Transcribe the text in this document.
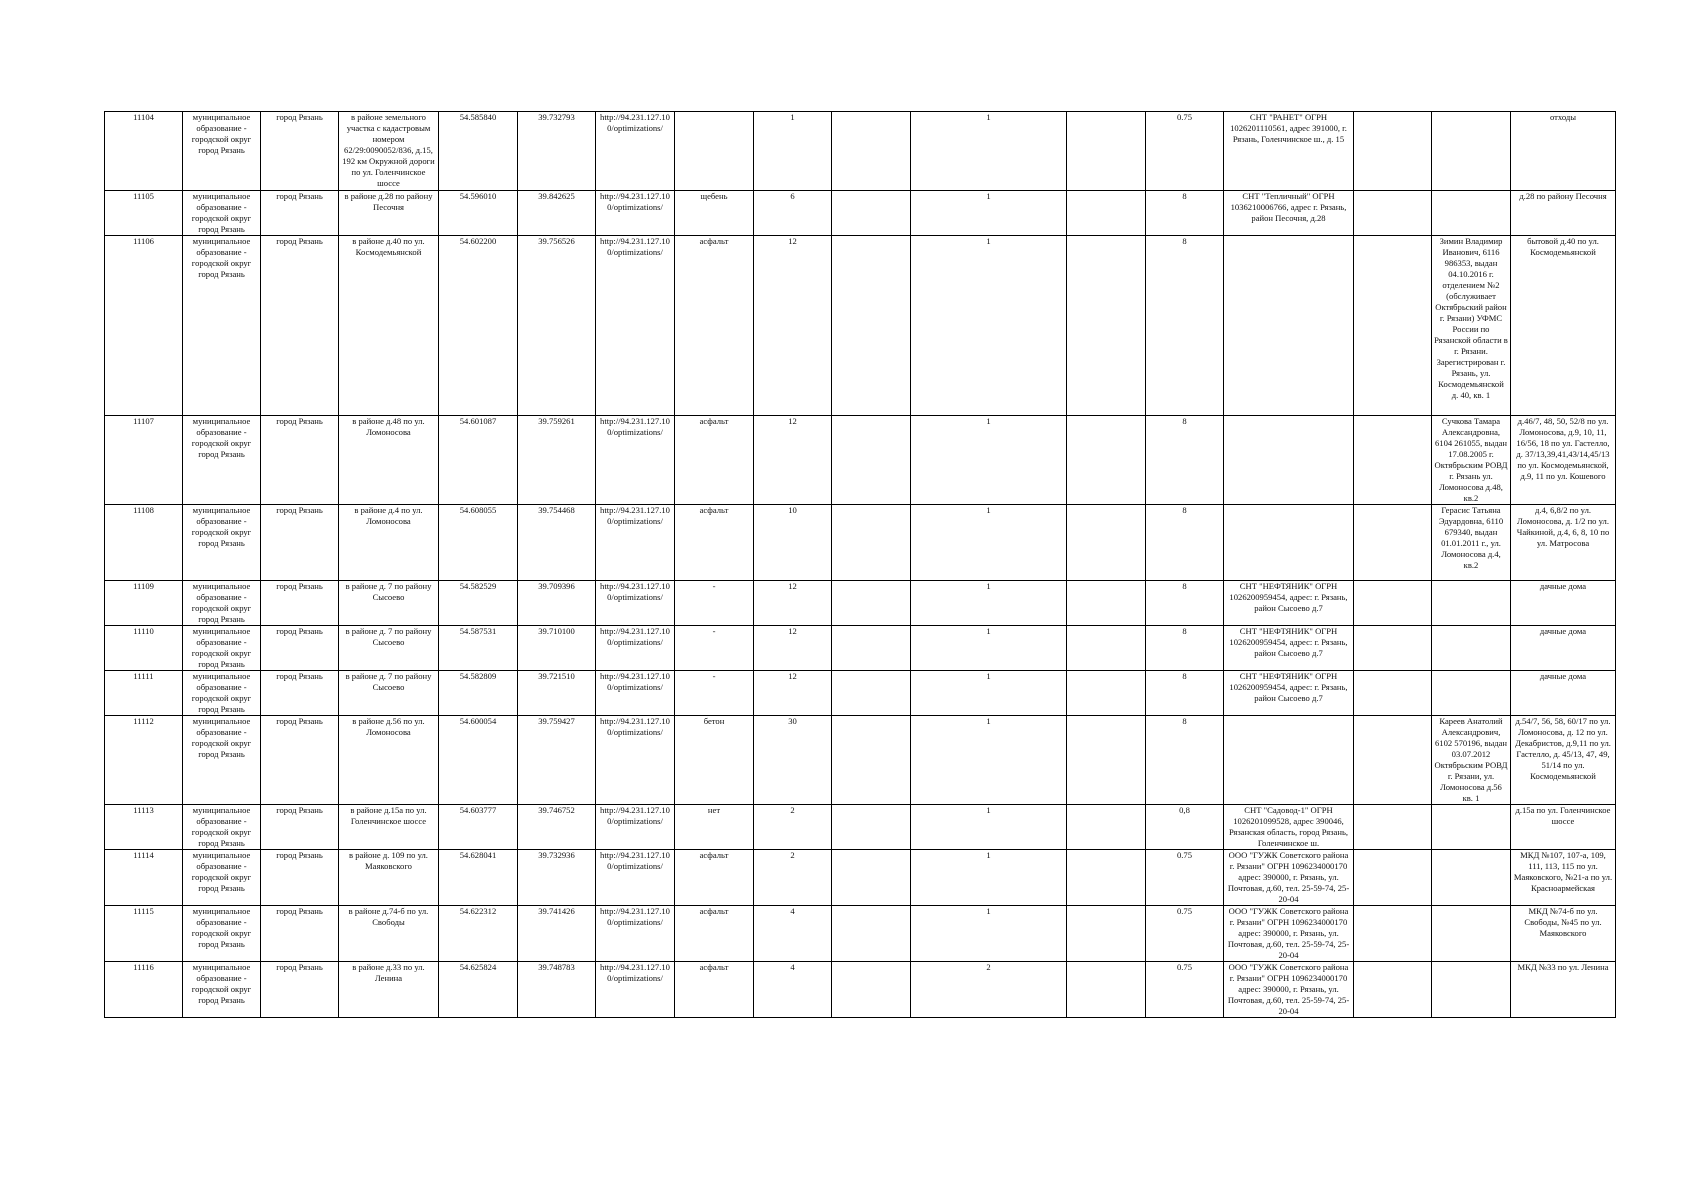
11104	муниципальное образование - городской округ город Рязань	город Рязань	в районе земельного участка с кадастровым номером 62/29:0090052/836, д.15, 192 км Окружной дороги по ул. Голенчинское шоссе	54.585840	39.732793	http://94.231.127.100/optimizations/		1		1		0.75	СНТ "РАНЕТ" ОГРН 1026201110561, адрес 391000, г. Рязань, Голенчинское ш., д. 15			отходы
11105	муниципальное образование - городской округ город Рязань	город Рязань	в районе д.28 по району Песочня	54.596010	39.842625	http://94.231.127.100/optimizations/	щебень	6		1		8	СНТ "Тепличный" ОГРН 1036210006766, адрес г. Рязань, район Песочня, д.28			д.28 по району Песочня
11106	муниципальное образование - городской округ город Рязань	город Рязань	в районе д.40 по ул. Космодемьянской	54.602200	39.756526	http://94.231.127.100/optimizations/	асфальт	12		1		8			Зимин Владимир Иванович, 6116 986353, выдан 04.10.2016 г. отделением №2 (обслуживает Октябрьский район г. Рязани) УФМС России по Рязанской области в г. Рязани. Зарегистрирован г. Рязань, ул. Космодемьянской д. 40, кв. 1	бытовой д.40 по ул. Космодемьянской
11107	муниципальное образование - городской округ город Рязань	город Рязань	в районе д.48 по ул. Ломоносова	54.601087	39.759261	http://94.231.127.100/optimizations/	асфальт	12		1		8			Сучкова Тамара Александровна, 6104 261055, выдан 17.08.2005 г. Октябрьским РОВД г. Рязань ул. Ломоносова д.48, кв.2	д.46/7, 48, 50, 52/8 по ул. Ломоносова, д.9, 10, 11, 16/56, 18 по ул. Гастелло, д. 37/13,39,41,43/14,45/13 по ул. Космодемьянской, д.9, 11 по ул. Кошевого
11108	муниципальное образование - городской округ город Рязань	город Рязань	в районе д.4 по ул. Ломоносова	54.608055	39.754468	http://94.231.127.100/optimizations/	асфальт	10		1		8			Герасис Татьяна Эдуардовна, 6110 679340, выдан 01.01.2011 г., ул. Ломоносова д.4, кв.2	д.4, 6,8/2 по ул. Ломоносова, д. 1/2 по ул. Чайкиной, д.4, 6, 8, 10 по ул. Матросова
11109	муниципальное образование - городской округ город Рязань	город Рязань	в районе д. 7 по району Сысоево	54.582529	39.709396	http://94.231.127.100/optimizations/	-	12		1		8	СНТ "НЕФТЯНИК" ОГРН 1026200959454, адрес: г. Рязань, район Сысоево д.7			дачные дома
11110	муниципальное образование - городской округ город Рязань	город Рязань	в районе д. 7 по району Сысоево	54.587531	39.710100	http://94.231.127.100/optimizations/	-	12		1		8	СНТ "НЕФТЯНИК" ОГРН 1026200959454, адрес: г. Рязань, район Сысоево д.7			дачные дома
11111	муниципальное образование - городской округ город Рязань	город Рязань	в районе д. 7 по району Сысоево	54.582809	39.721510	http://94.231.127.100/optimizations/	-	12		1		8	СНТ "НЕФТЯНИК" ОГРН 1026200959454, адрес: г. Рязань, район Сысоево д.7			дачные дома
11112	муниципальное образование - городской округ город Рязань	город Рязань	в районе д.56 по ул. Ломоносова	54.600054	39.759427	http://94.231.127.100/optimizations/	бетон	30		1		8			Кареев Анатолий Александрович, 6102 570196, выдан 03.07.2012 Октябрьским РОВД г. Рязани, ул. Ломоносова д.56 кв. 1	д.54/7, 56, 58, 60/17 по ул. Ломоносова, д. 12 по ул. Декабристов, д.9,11 по ул. Гастелло, д. 45/13, 47, 49, 51/14 по ул. Космодемьянской
11113	муниципальное образование - городской округ город Рязань	город Рязань	в районе д.15а по ул. Голенчинское шоссе	54.603777	39.746752	http://94.231.127.100/optimizations/	нет	2		1		0,8	СНТ "Садовод-1" ОГРН 1026201099528, адрес 390046, Рязанская область, город Рязань, Голенчинское ш.			д.15а по ул. Голенчинское шоссе
11114	муниципальное образование - городской округ город Рязань	город Рязань	в районе д. 109 по ул. Маяковского	54.628041	39.732936	http://94.231.127.100/optimizations/	асфальт	2		1		0.75	ООО "ГУЖК Советского района г. Рязани" ОГРН 1096234000170 адрес: 390000, г. Рязань, ул. Почтовая, д.60, тел. 25-59-74, 25-20-04			МКД №107, 107-а, 109, 111, 113, 115 по ул. Маяковского, №21-а по ул. Красноармейская
11115	муниципальное образование - городской округ город Рязань	город Рязань	в районе д.74-б по ул. Свободы	54.622312	39.741426	http://94.231.127.100/optimizations/	асфальт	4		1		0.75	ООО "ГУЖК Советского района г. Рязани" ОГРН 1096234000170 адрес: 390000, г. Рязань, ул. Почтовая, д.60, тел. 25-59-74, 25-20-04			МКД №74-б по ул. Свободы, №45 по ул. Маяковского
11116	муниципальное образование - городской округ город Рязань	город Рязань	в районе д.33 по ул. Ленина	54.625824	39.748783	http://94.231.127.100/optimizations/	асфальт	4		2		0.75	ООО "ГУЖК Советского района г. Рязани" ОГРН 1096234000170 адрес: 390000, г. Рязань, ул. Почтовая, д.60, тел. 25-59-74, 25-20-04			МКД №33 по ул. Ленина
